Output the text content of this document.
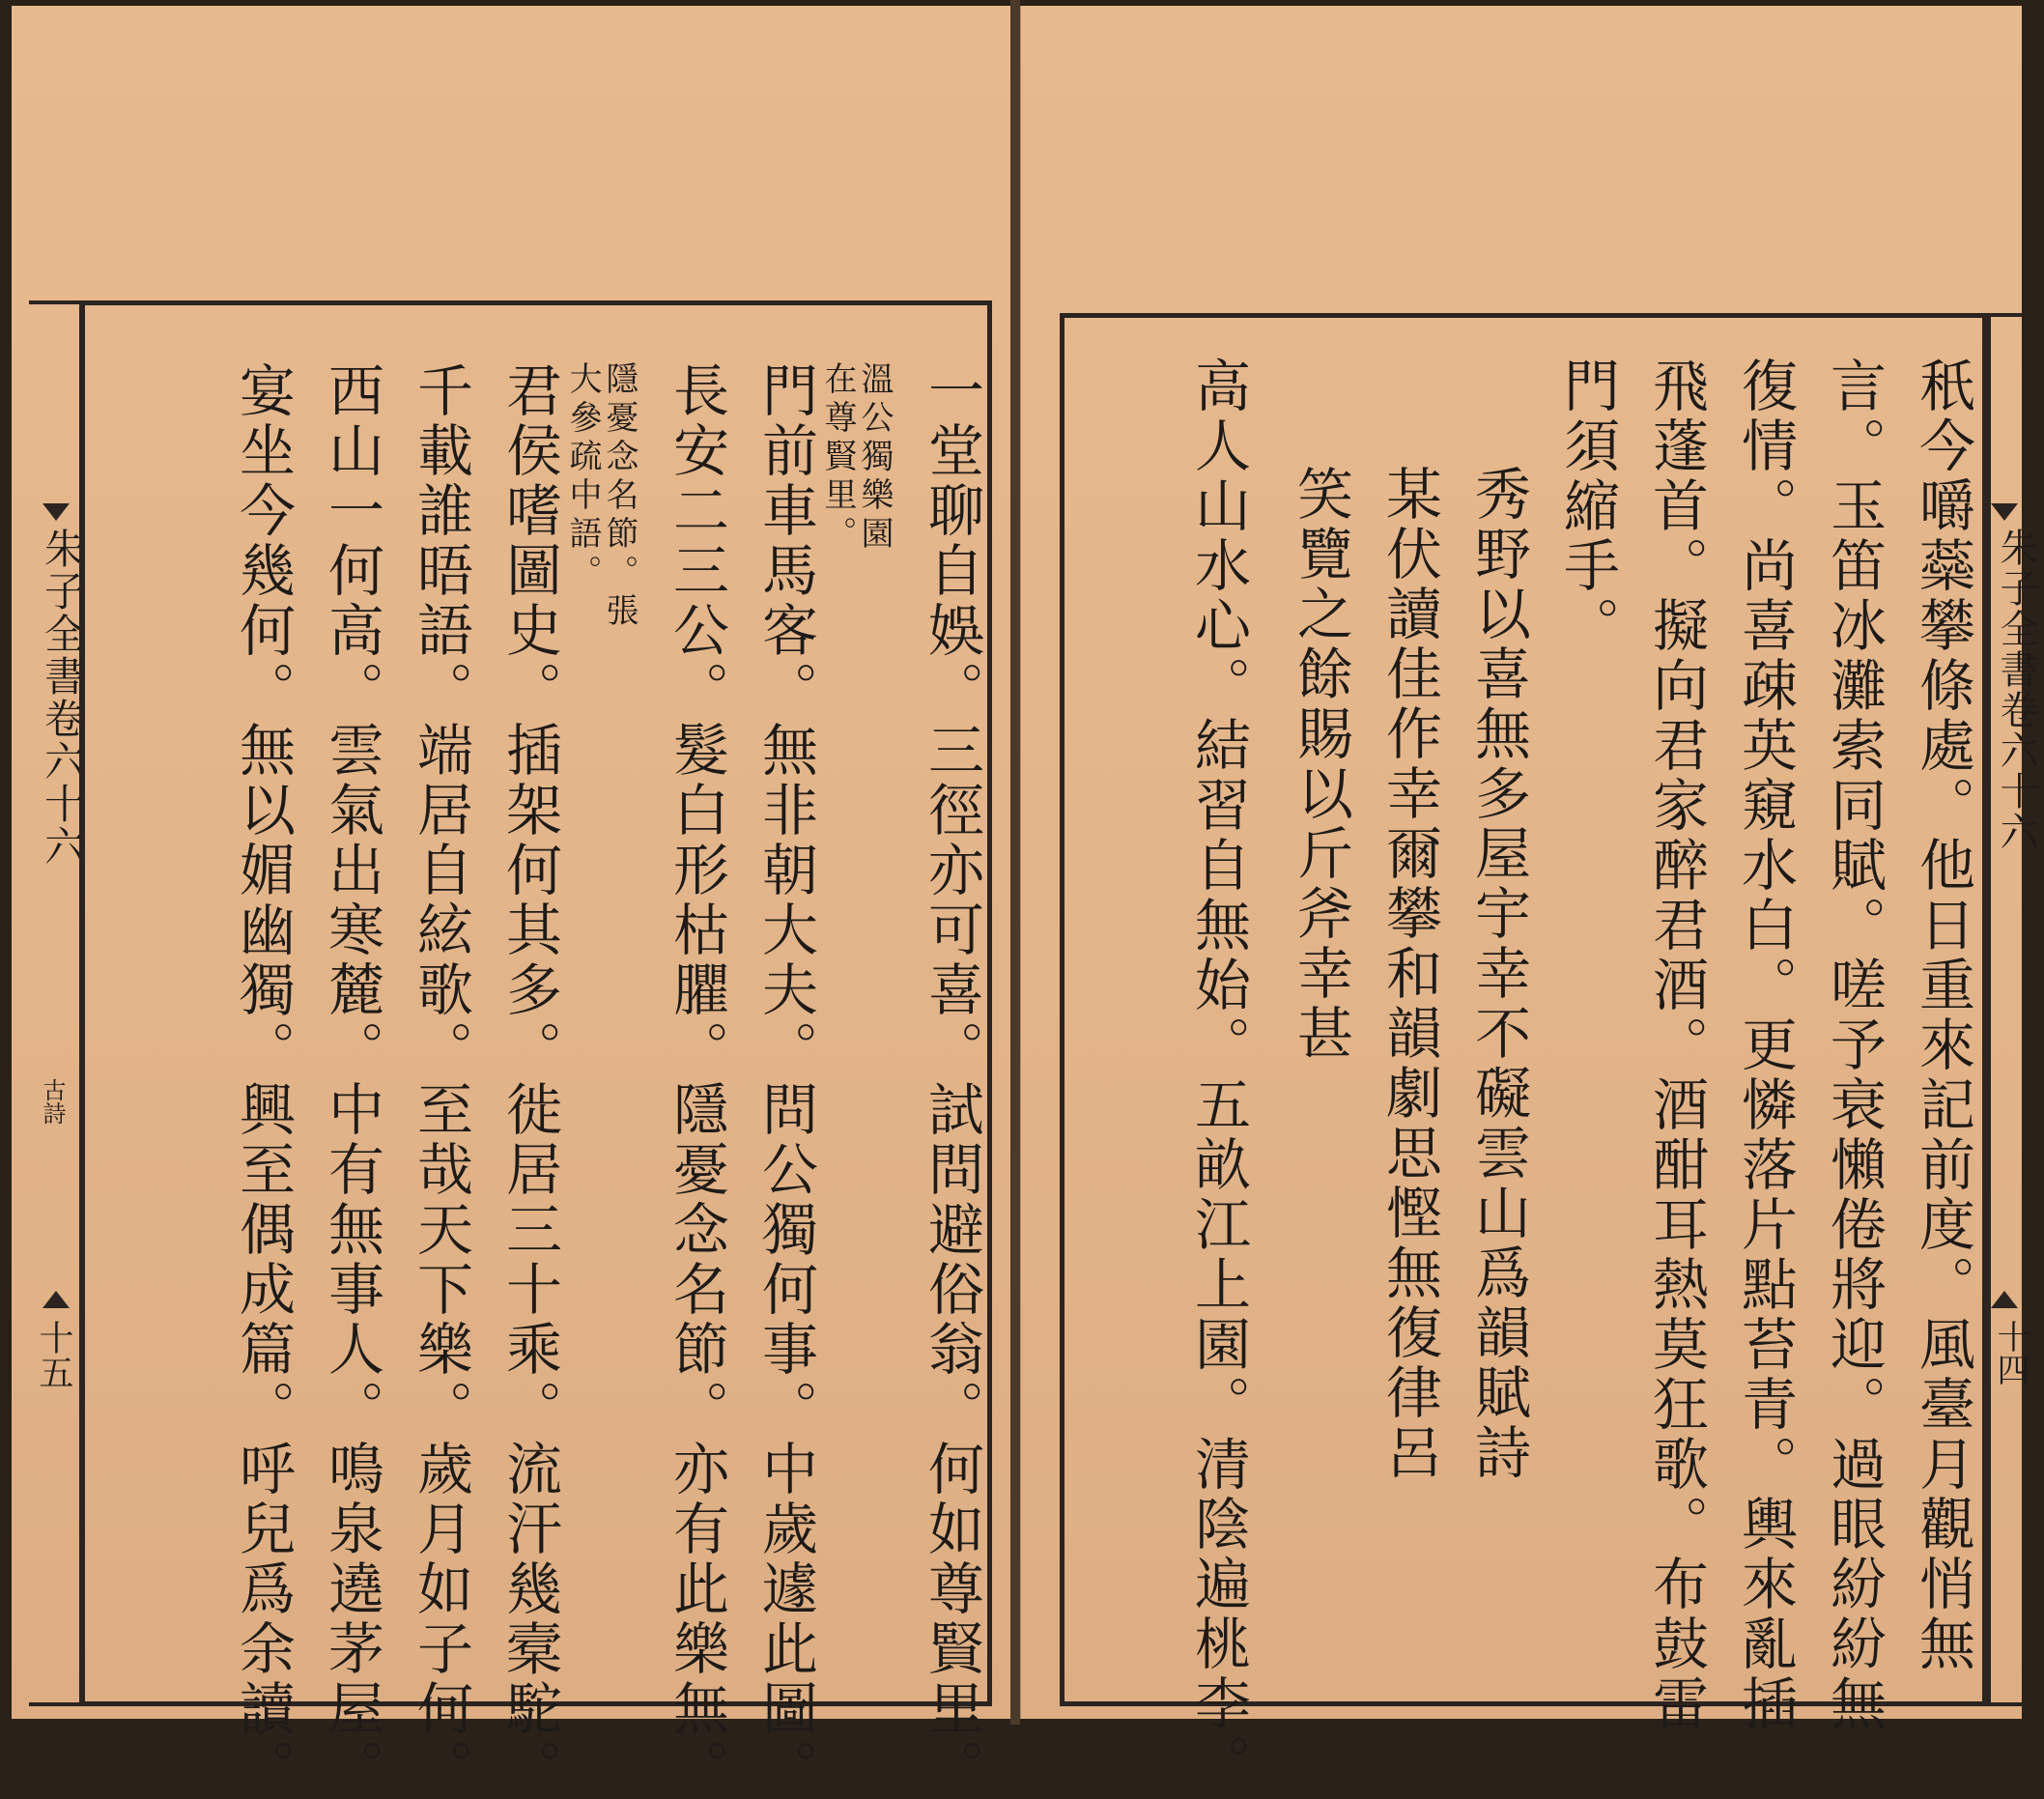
朱子全書卷六十六
古詩
十五	一堂聊自娛。三徑亦可喜。試問避俗翁。何如尊賢里。
溫公獨樂園
在尊賢里。
門前車馬客。無非朝大夫。問公獨何事。中歲遽此圖。
長安二三公。髮白形枯臞。隱憂念名節。亦有此樂無。
隱憂念名節。張
大參疏中語。
君侯嗜圖史。插架何其多。徙居三十乘。流汗幾槖駝。
千載誰晤語。端居自絃歌。至哉天下樂。歲月如子何。
西山一何高。雲氣出寒麓。中有無事人。鳴泉遶茅屋。
宴坐今幾何。無以媚幽獨。興至偶成篇。呼兒爲余讀。	朱子全書卷六十六
十四
秖今嚼蘂攀條處。他日重來記前度。風臺月觀悄無
言。玉笛冰灘索同賦。嗟予衰懶倦將迎。過眼紛紛無
復情。尚喜疎英窺水白。更憐落片點苔青。輿來亂插
飛蓬首。擬向君家醉君酒。酒酣耳熱莫狂歌。布鼓雷
門須縮手。
秀野以喜無多屋宇幸不礙雲山爲韻賦詩
某伏讀佳作幸爾攀和韻劇思慳無復律呂
笑覽之餘賜以斤斧幸甚
高人山水心。結習自無始。五畝江上園。清陰遍桃李。
